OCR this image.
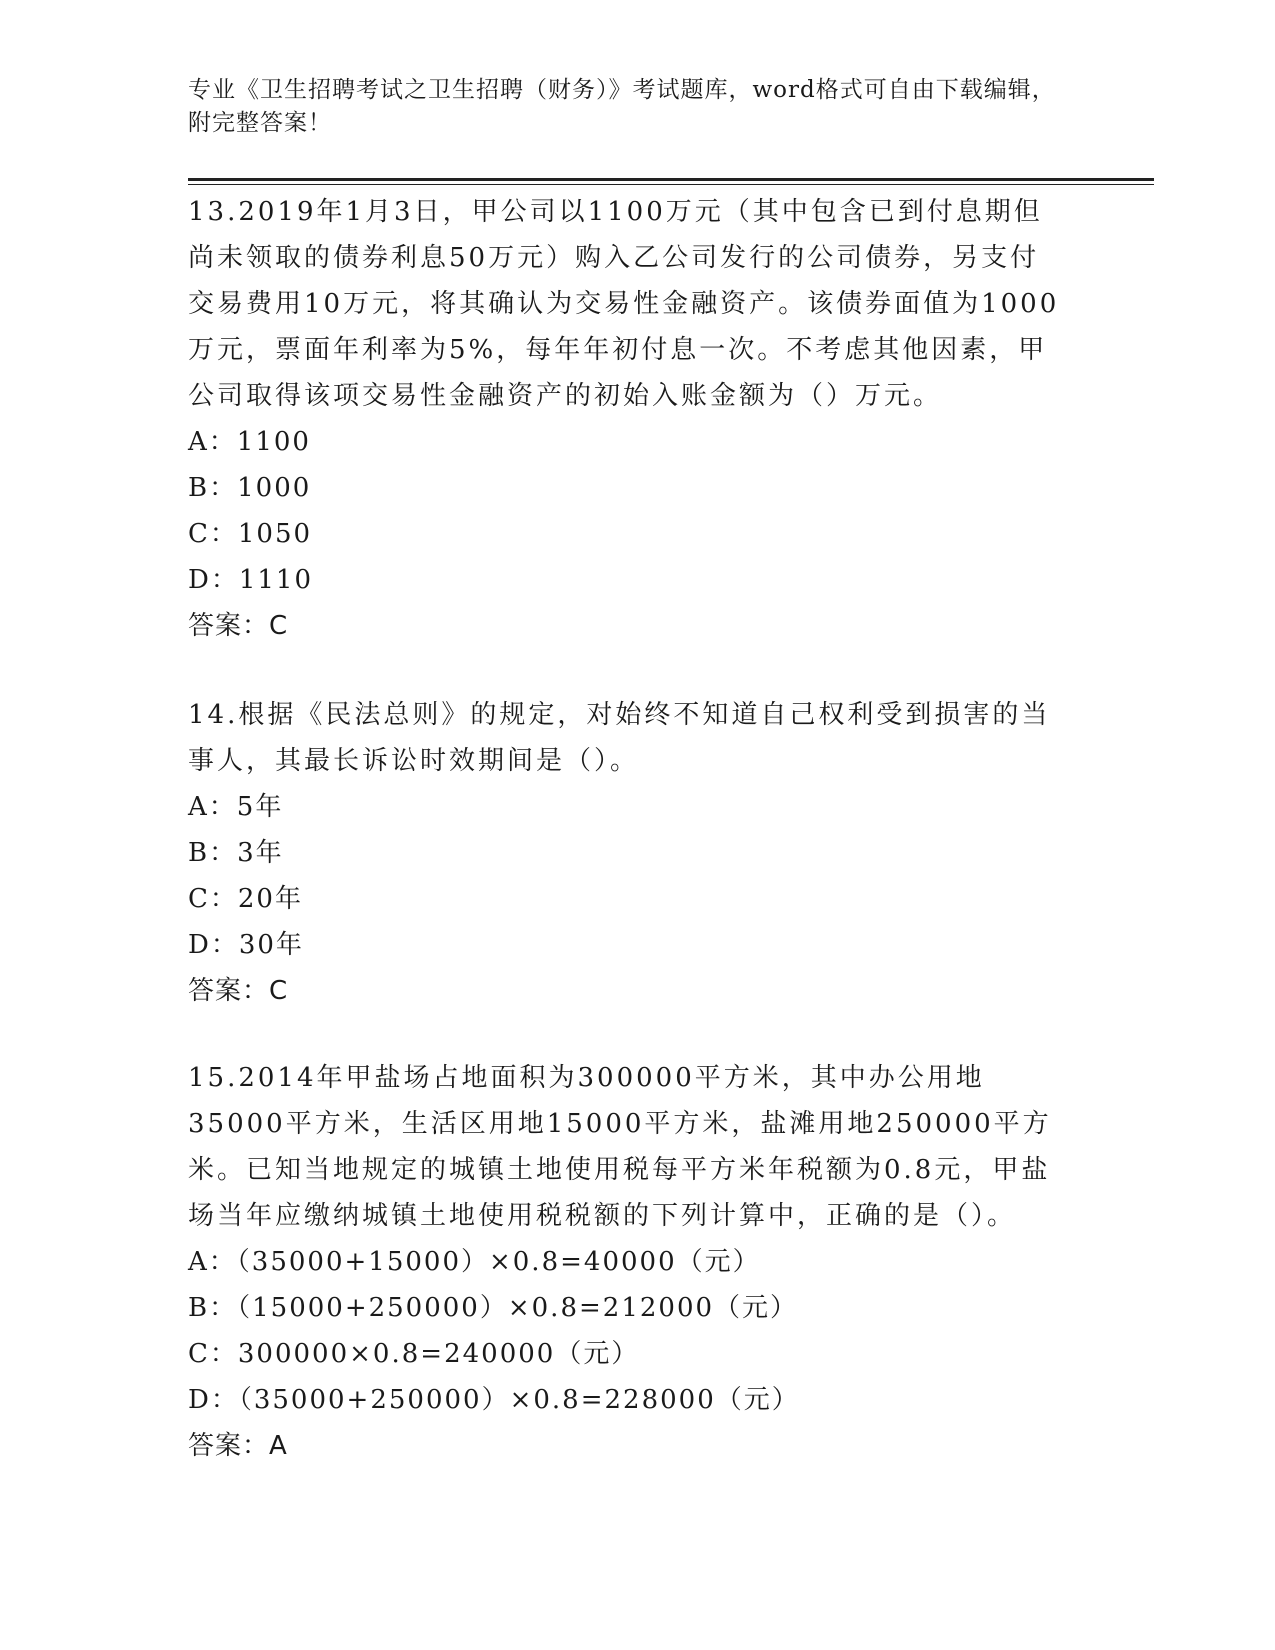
专业《卫生招聘考试之卫生招聘（财务）》考试题库，word格式可自由下载编辑，附完整答案！

13.2019年1月3日，甲公司以1100万元（其中包含已到付息期但尚未领取的债券利息50万元）购入乙公司发行的公司债券，另支付交易费用10万元，将其确认为交易性金融资产。该债券面值为1000万元，票面年利率为5%，每年年初付息一次。不考虑其他因素，甲公司取得该项交易性金融资产的初始入账金额为（）万元。

A：1100

B：1000

C：1050

D：1110

答案：C

14.根据《民法总则》的规定，对始终不知道自己权利受到损害的当事人，其最长诉讼时效期间是（）。

A：5年

B：3年

C：20年

D：30年

答案：C

15.2014年甲盐场占地面积为300000平方米，其中办公用地35000平方米，生活区用地15000平方米，盐滩用地250000平方米。已知当地规定的城镇土地使用税每平方米年税额为0.8元，甲盐场当年应缴纳城镇土地使用税税额的下列计算中，正确的是（）。

A：（35000+15000）×0.8=40000（元）

B：（15000+250000）×0.8=212000（元）

C：300000×0.8=240000（元）

D：（35000+250000）×0.8=228000（元）

答案：A
